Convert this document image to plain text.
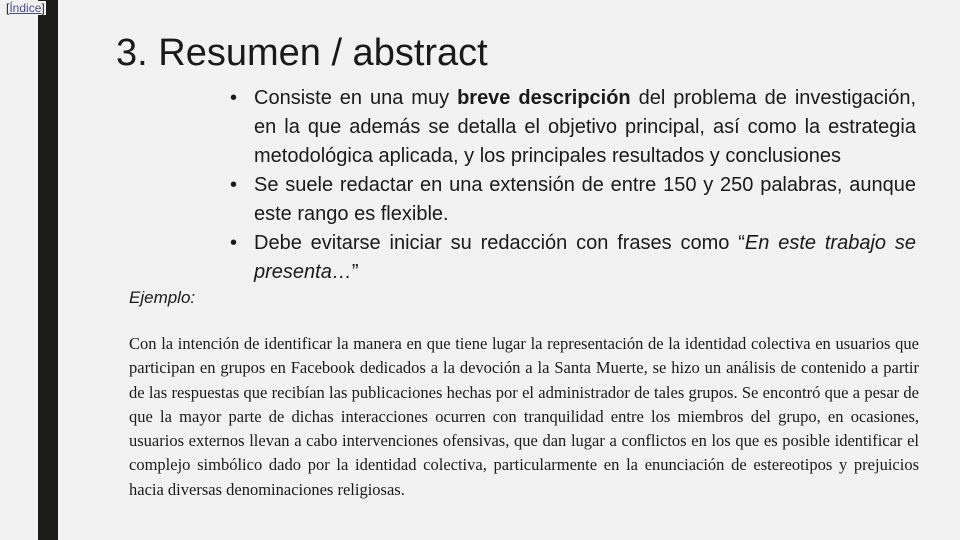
[Índice]
3. Resumen / abstract
• Consiste en una muy breve descripción del problema de investigación, en la que además se detalla el objetivo principal, así como la estrategia metodológica aplicada, y los principales resultados y conclusiones
• Se suele redactar en una extensión de entre 150 y 250 palabras, aunque este rango es flexible.
• Debe evitarse iniciar su redacción con frases como “En este trabajo se presenta…”
Ejemplo:

Con la intención de identificar la manera en que tiene lugar la representación de la identidad colectiva en usuarios que participan en grupos en Facebook dedicados a la devoción a la Santa Muerte, se hizo un análisis de contenido a partir de las respuestas que recibían las publicaciones hechas por el administrador de tales grupos. Se encontró que a pesar de que la mayor parte de dichas interacciones ocurren con tranquilidad entre los miembros del grupo, en ocasiones, usuarios externos llevan a cabo intervenciones ofensivas, que dan lugar a conflictos en los que es posible identificar el complejo simbólico dado por la identidad colectiva, particularmente en la enunciación de estereotipos y prejuicios hacia diversas denominaciones religiosas.
